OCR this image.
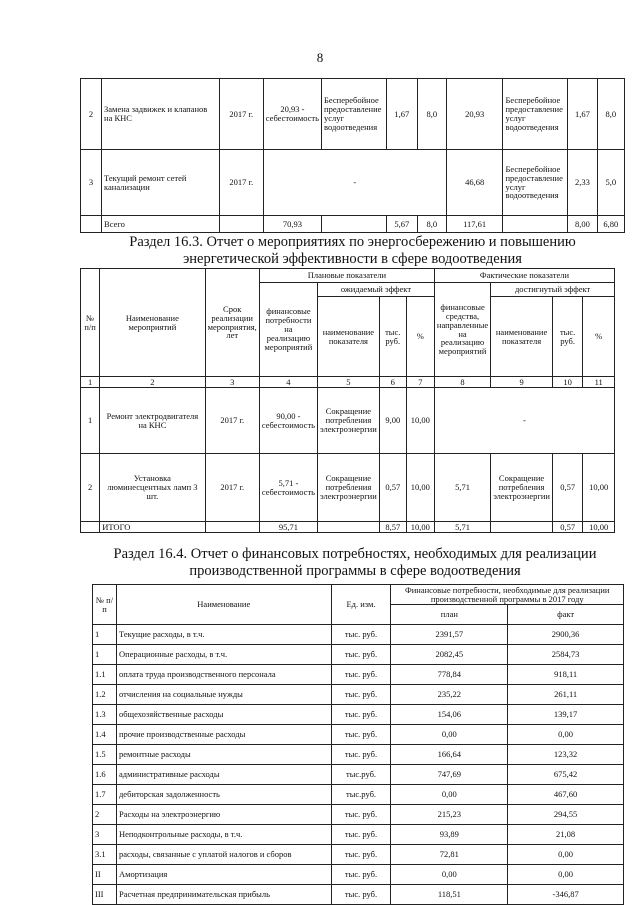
8
2	Замена задвижек и клапанов на КНС	2017 г.	20,93 - себестоимость	Бесперебойное предоставление услуг водоотведения	1,67	8,0	20,93	Бесперебойное предоставление услуг водоотведения	1,67	8,0
3	Текущий ремонт сетей канализации	2017 г.	-				46,68	Бесперебойное предоставление услуг водоотведения	2,33	5,0
	Всего		70,93		5,67	8,0	117,61		8,00	6,80
Раздел 16.3. Отчет о мероприятиях по энергосбережению и повышению энергетической эффективности в сфере водоотведения
№ п/п	Наименование мероприятий	Срок реализации мероприятия, лет	Плановые показатели				Фактические показатели			
			финансовые потребности на реализацию мероприятий	ожидаемый эффект			финансовые средства, направленные на реализацию мероприятий	достигнутый эффект		
				наименование показателя	тыс. руб.	%		наименование показателя	тыс. руб.	%
1	2	3	4	5	6	7	8	9	10	11
1	Ремонт электродвигателя на КНС	2017 г.	90,00 - себестоимость	Сокращение потребления электроэнергии	9,00	10,00	-			
2	Установка люминесцентных ламп 3 шт.	2017 г.	5,71 - себестоимость	Сокращение потребления электроэнергии	0,57	10,00	5,71	Сокращение потребления электроэнергии	0,57	10,00
	ИТОГО		95,71		8,57	10,00	5,71		0,57	10,00
Раздел 16.4. Отчет о финансовых потребностях, необходимых для реализации производственной программы в сфере водоотведения
№ п/п	Наименование	Ед. изм.	Финансовые потребности, необходимые для реализации производственной программы в 2017 году	
			план	факт
1	Текущие расходы, в т.ч.	тыс. руб.	2391,57	2900,36
1	Операционные расходы, в т.ч.	тыс. руб.	2082,45	2584,73
1.1	оплата труда производственного персонала	тыс. руб.	778,84	918,11
1.2	отчисления на социальные нужды	тыс. руб.	235,22	261,11
1.3	общехозяйственные расходы	тыс. руб.	154,06	139,17
1.4	прочие производственные расходы	тыс. руб.	0,00	0,00
1.5	ремонтные расходы	тыс. руб.	166,64	123,32
1.6	административные расходы	тыс.руб.	747,69	675,42
1.7	дебиторская задолженность	тыс.руб.	0,00	467,60
2	Расходы на электроэнергию	тыс. руб.	215,23	294,55
3	Неподконтрольные расходы, в т.ч.	тыс. руб.	93,89	21,08
3.1	расходы, связанные с уплатой налогов и сборов	тыс. руб.	72,81	0,00
II	Амортизация	тыс. руб.	0,00	0,00
III	Расчетная предпринимательская прибыль	тыс. руб.	118,51	-346,87
